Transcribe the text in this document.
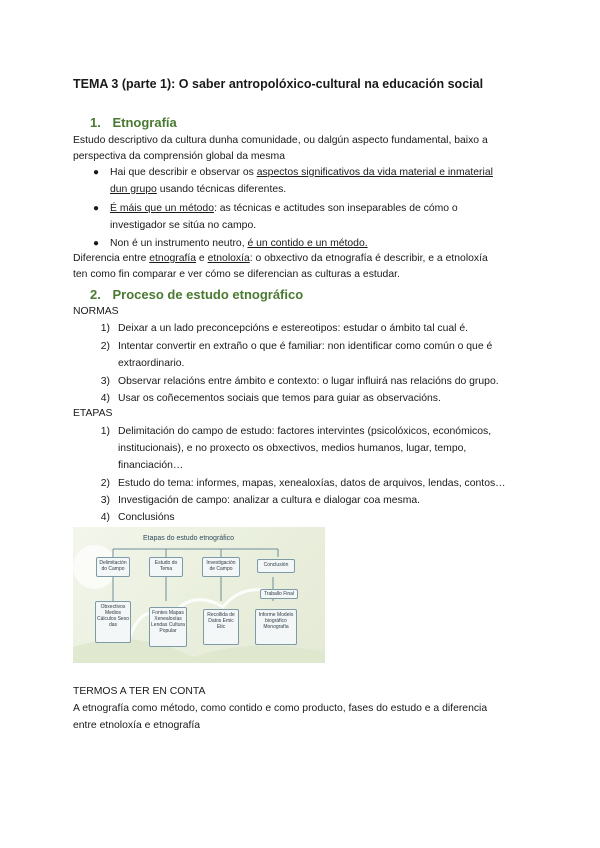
TEMA 3 (parte 1): O saber antropolóxico-cultural na educación social
1. Etnografía
Estudo descriptivo da cultura dunha comunidade, ou dalgún aspecto fundamental, baixo a
perspectiva da comprensión global da mesma
● Hai que describir e observar os aspectos significativos da vida material e inmaterial
dun grupo usando técnicas diferentes.
● É máis que un método: as técnicas e actitudes son inseparables de cómo o
investigador se sitúa no campo.
● Non é un instrumento neutro, é un contido e un método.
Diferencia entre etnografía e etnoloxía: o obxectivo da etnografía é describir, e a etnoloxía
ten como fin comparar e ver cómo se diferencian as culturas a estudar.
2. Proceso de estudo etnográfico
NORMAS
1) Deixar a un lado preconcepcións e estereotipos: estudar o ámbito tal cual é.
2) Intentar convertir en extraño o que é familiar: non identificar como común o que é
extraordinario.
3) Observar relacións entre ámbito e contexto: o lugar influirá nas relacións do grupo.
4) Usar os coñecementos sociais que temos para guiar as observacións.
ETAPAS
1) Delimitación do campo de estudo: factores intervintes (psicolóxicos, económicos,
institucionais), e no proxecto os obxectivos, medios humanos, lugar, tempo,
financiación…
2) Estudo do tema: informes, mapas, xenealoxías, datos de arquivos, lendas, contos…
3) Investigación de campo: analizar a cultura e dialogar coa mesma.
4) Conclusións
Etapas do estudo etnográfico
Delimitación do Campo
Estudo do Tema
Investigación de Campo
Conclusión
Traballo Final
Obxectivos Medios Cálculos Sexo das
Fontes Mapas Xenealoxías Lendas Cultura Popular
Recollida de Datos Emic Etic
Informe Modelo biográfico Monografía
TERMOS A TER EN CONTA
A etnografía como método, como contido e como producto, fases do estudo e a diferencia
entre etnoloxía e etnografía
